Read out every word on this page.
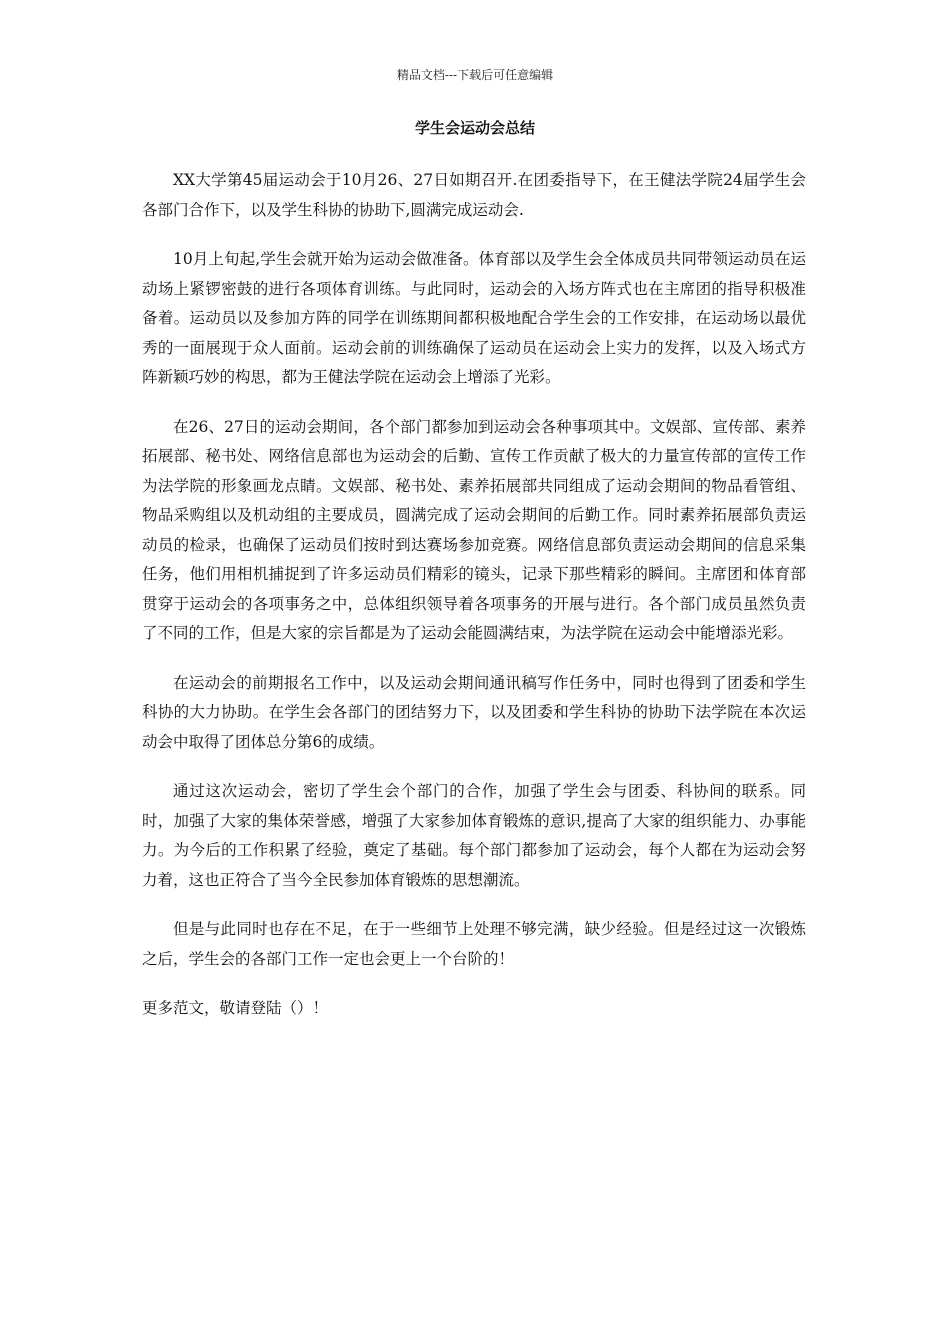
精品文档---下载后可任意编辑
学生会运动会总结

XX大学第45届运动会于10月26、27日如期召开.在团委指导下，在王健法学院24届学生会各部门合作下，以及学生科协的协助下,圆满完成运动会.

10月上旬起,学生会就开始为运动会做准备。体育部以及学生会全体成员共同带领运动员在运动场上紧锣密鼓的进行各项体育训练。与此同时，运动会的入场方阵式也在主席团的指导积极准备着。运动员以及参加方阵的同学在训练期间都积极地配合学生会的工作安排，在运动场以最优秀的一面展现于众人面前。运动会前的训练确保了运动员在运动会上实力的发挥，以及入场式方阵新颖巧妙的构思，都为王健法学院在运动会上增添了光彩。

在26、27日的运动会期间，各个部门都参加到运动会各种事项其中。文娱部、宣传部、素养拓展部、秘书处、网络信息部也为运动会的后勤、宣传工作贡献了极大的力量宣传部的宣传工作为法学院的形象画龙点睛。文娱部、秘书处、素养拓展部共同组成了运动会期间的物品看管组、物品采购组以及机动组的主要成员，圆满完成了运动会期间的后勤工作。同时素养拓展部负责运动员的检录，也确保了运动员们按时到达赛场参加竞赛。网络信息部负责运动会期间的信息采集任务，他们用相机捕捉到了许多运动员们精彩的镜头，记录下那些精彩的瞬间。主席团和体育部贯穿于运动会的各项事务之中，总体组织领导着各项事务的开展与进行。各个部门成员虽然负责了不同的工作，但是大家的宗旨都是为了运动会能圆满结束，为法学院在运动会中能增添光彩。

在运动会的前期报名工作中，以及运动会期间通讯稿写作任务中，同时也得到了团委和学生科协的大力协助。在学生会各部门的团结努力下，以及团委和学生科协的协助下法学院在本次运动会中取得了团体总分第6的成绩。

通过这次运动会，密切了学生会个部门的合作，加强了学生会与团委、科协间的联系。同时，加强了大家的集体荣誉感，增强了大家参加体育锻炼的意识,提高了大家的组织能力、办事能力。为今后的工作积累了经验，奠定了基础。每个部门都参加了运动会，每个人都在为运动会努力着，这也正符合了当今全民参加体育锻炼的思想潮流。

但是与此同时也存在不足，在于一些细节上处理不够完满，缺少经验。但是经过这一次锻炼之后，学生会的各部门工作一定也会更上一个台阶的！

更多范文，敬请登陆（）！
